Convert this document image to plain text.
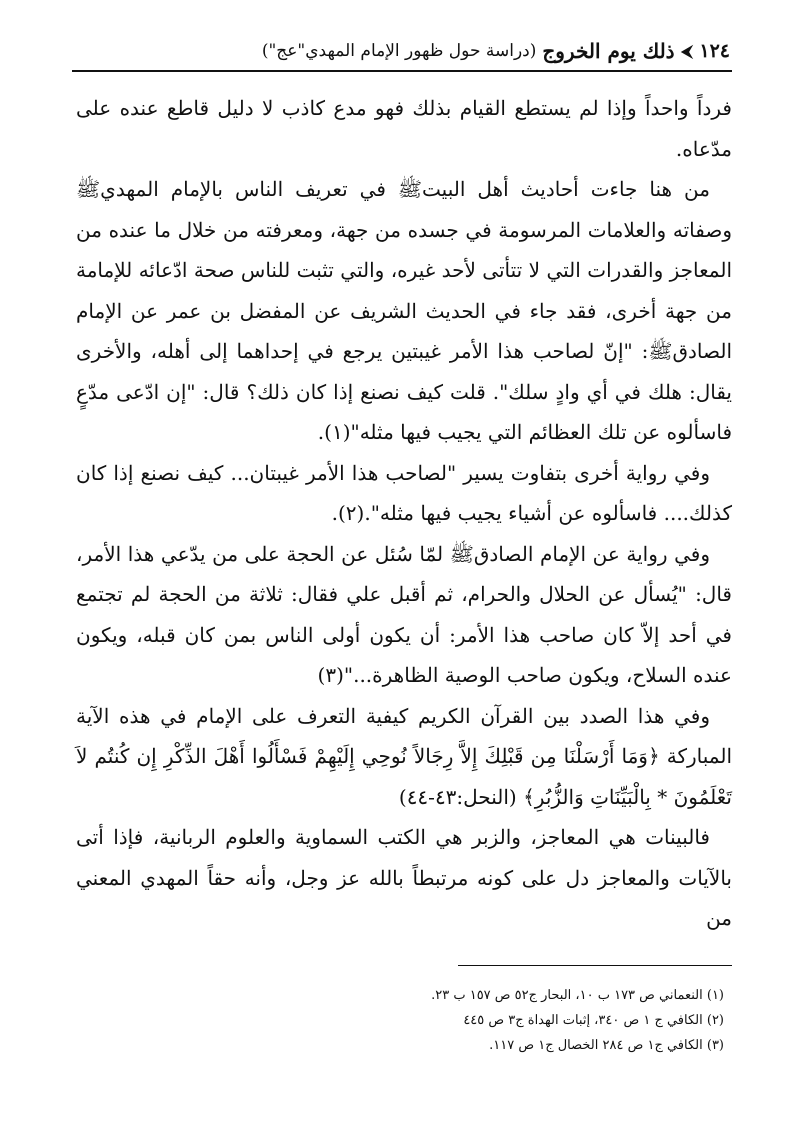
١٢٤
⮜
ذلك يوم الخروج
(دراسة حول ظهور الإمام المهدي"عج")

فرداً واحداً وإذا لم يستطع القيام بذلك فهو مدع كاذب لا دليل قاطع عنده على مدّعاه.

من هنا جاءت أحاديث أهل البيتﷺ في تعريف الناس بالإمام المهديﷺ وصفاته والعلامات المرسومة في جسده من جهة، ومعرفته من خلال ما عنده من المعاجز والقدرات التي لا تتأتى لأحد غيره، والتي تثبت للناس صحة ادّعائه للإمامة من جهة أخرى، فقد جاء في الحديث الشريف عن المفضل بن عمر عن الإمام الصادقﷺ: "إنّ لصاحب هذا الأمر غيبتين يرجع في إحداهما إلى أهله، والأخرى يقال: هلك في أي وادٍ سلك". قلت كيف نصنع إذا كان ذلك؟ قال: "إن ادّعى مدّعٍ فاسألوه عن تلك العظائم التي يجيب فيها مثله"(١).

وفي رواية أخرى بتفاوت يسير "لصاحب هذا الأمر غيبتان... كيف نصنع إذا كان كذلك.... فاسألوه عن أشياء يجيب فيها مثله".(٢).

وفي رواية عن الإمام الصادقﷺ لمّا سُئل عن الحجة على من يدّعي هذا الأمر، قال: "يُسأل عن الحلال والحرام، ثم أقبل علي فقال: ثلاثة من الحجة لم تجتمع في أحد إلاّ كان صاحب هذا الأمر: أن يكون أولى الناس بمن كان قبله، ويكون عنده السلاح، ويكون صاحب الوصية الظاهرة..."(٣)

وفي هذا الصدد بين القرآن الكريم كيفية التعرف على الإمام في هذه الآية المباركة ﴿وَمَا أَرْسَلْنَا مِن قَبْلِكَ إِلاَّ رِجَالاً نُوحِي إِلَيْهِمْ فَسْأَلُوا أَهْلَ الذِّكْرِ إِن كُنتُم لاَ تَعْلَمُونَ * بِالْبَيِّنَاتِ وَالزُّبُرِ﴾ (النحل:٤٣-٤٤)

فالبينات هي المعاجز، والزبر هي الكتب السماوية والعلوم الربانية، فإذا أتى بالآيات والمعاجز دل على كونه مرتبطاً بالله عز وجل، وأنه حقاً المهدي المعني من

(١) النعماني ص ١٧٣ ب ١٠، البحار ج٥٢ ص ١٥٧ ب ٢٣.
(٢) الكافي ج ١ ص ٣٤٠، إثبات الهداة ج٣ ص ٤٤٥
(٣) الكافي ج١ ص ٢٨٤ الخصال ج١ ص ١١٧.
